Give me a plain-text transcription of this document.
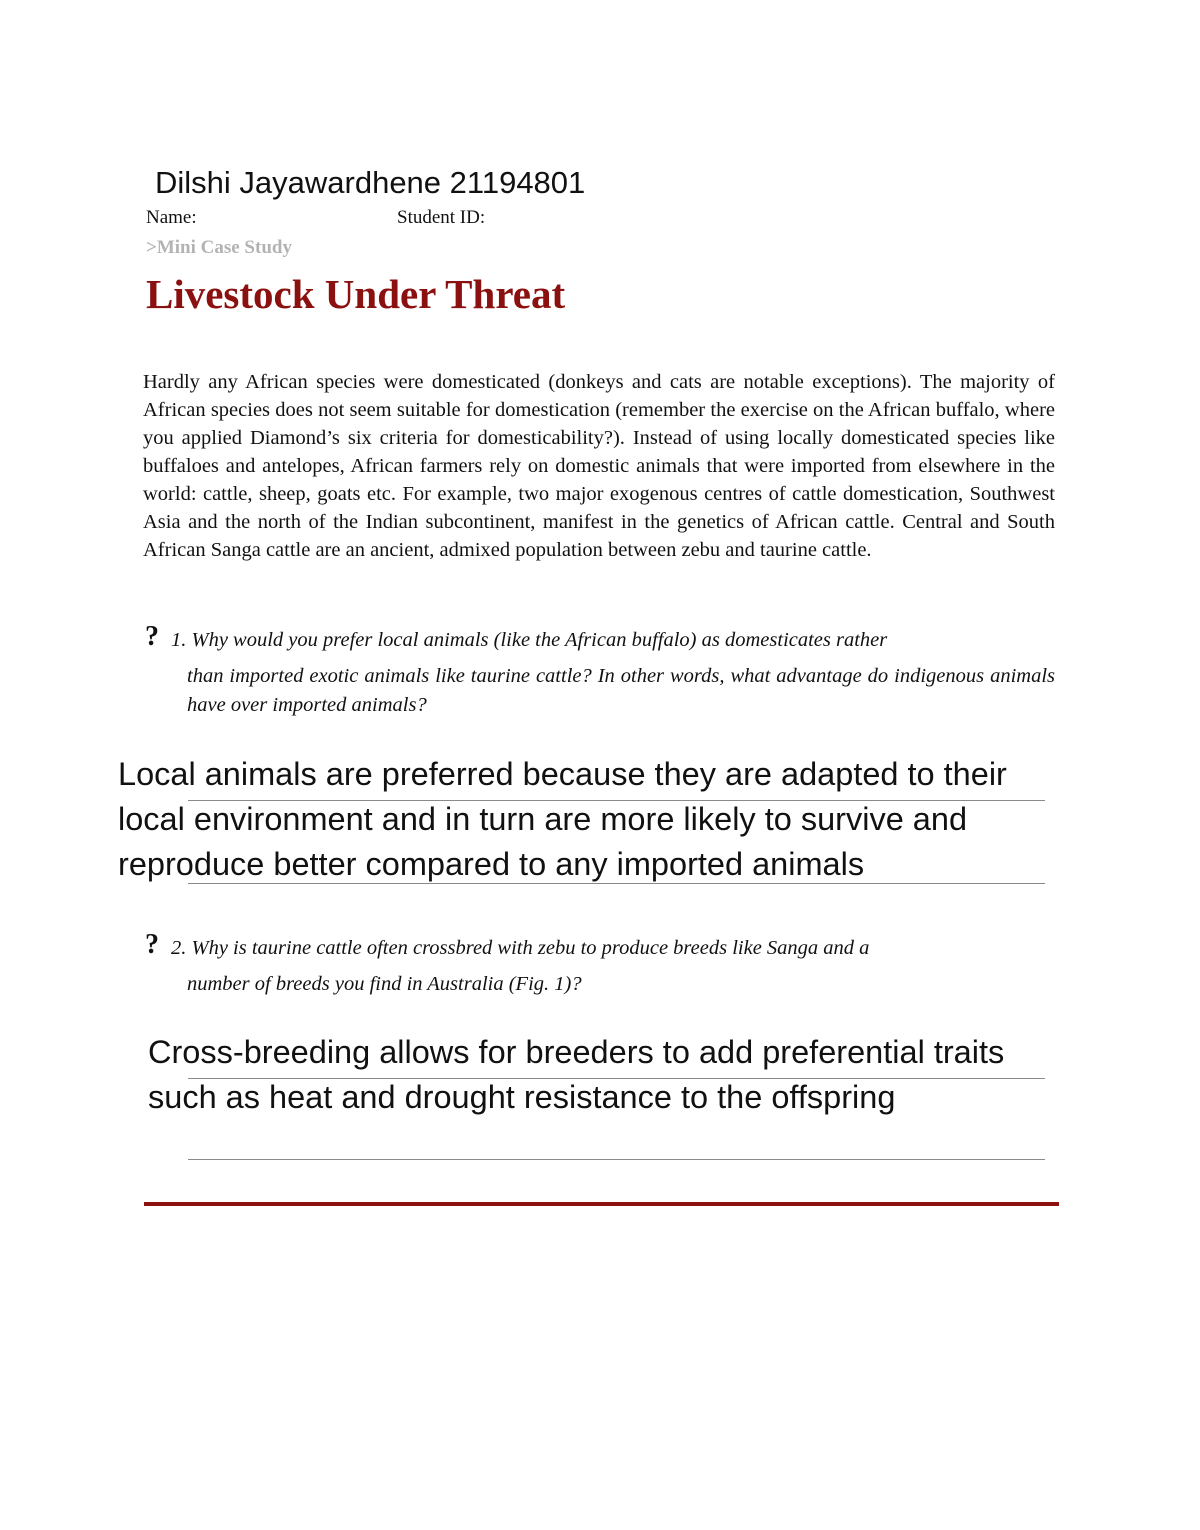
Dilshi Jayawardhene 21194801
Name:	Student ID:
>Mini Case Study
Livestock Under Threat

Hardly any African species were domesticated (donkeys and cats are notable exceptions). The majority of African species does not seem suitable for domestication (remember the exercise on the African buffalo, where you applied Diamond’s six criteria for domesticability?). Instead of using locally domesticated species like buffaloes and antelopes, African farmers rely on domestic animals that were imported from elsewhere in the world: cattle, sheep, goats etc. For example, two major exogenous centres of cattle domestication, Southwest Asia and the north of the Indian subcontinent, manifest in the genetics of African cattle. Central and South African Sanga cattle are an ancient, admixed population between zebu and taurine cattle.

? 1. Why would you prefer local animals (like the African buffalo) as domesticates rather
than imported exotic animals like taurine cattle? In other words, what advantage do indigenous animals have over imported animals?
Local animals are preferred because they are adapted to their
local environment and in turn are more likely to survive and
reproduce better compared to any imported animals
? 2. Why is taurine cattle often crossbred with zebu to produce breeds like Sanga and a
number of breeds you find in Australia (Fig. 1)?
Cross-breeding allows for breeders to add preferential traits
such as heat and drought resistance to the offspring
